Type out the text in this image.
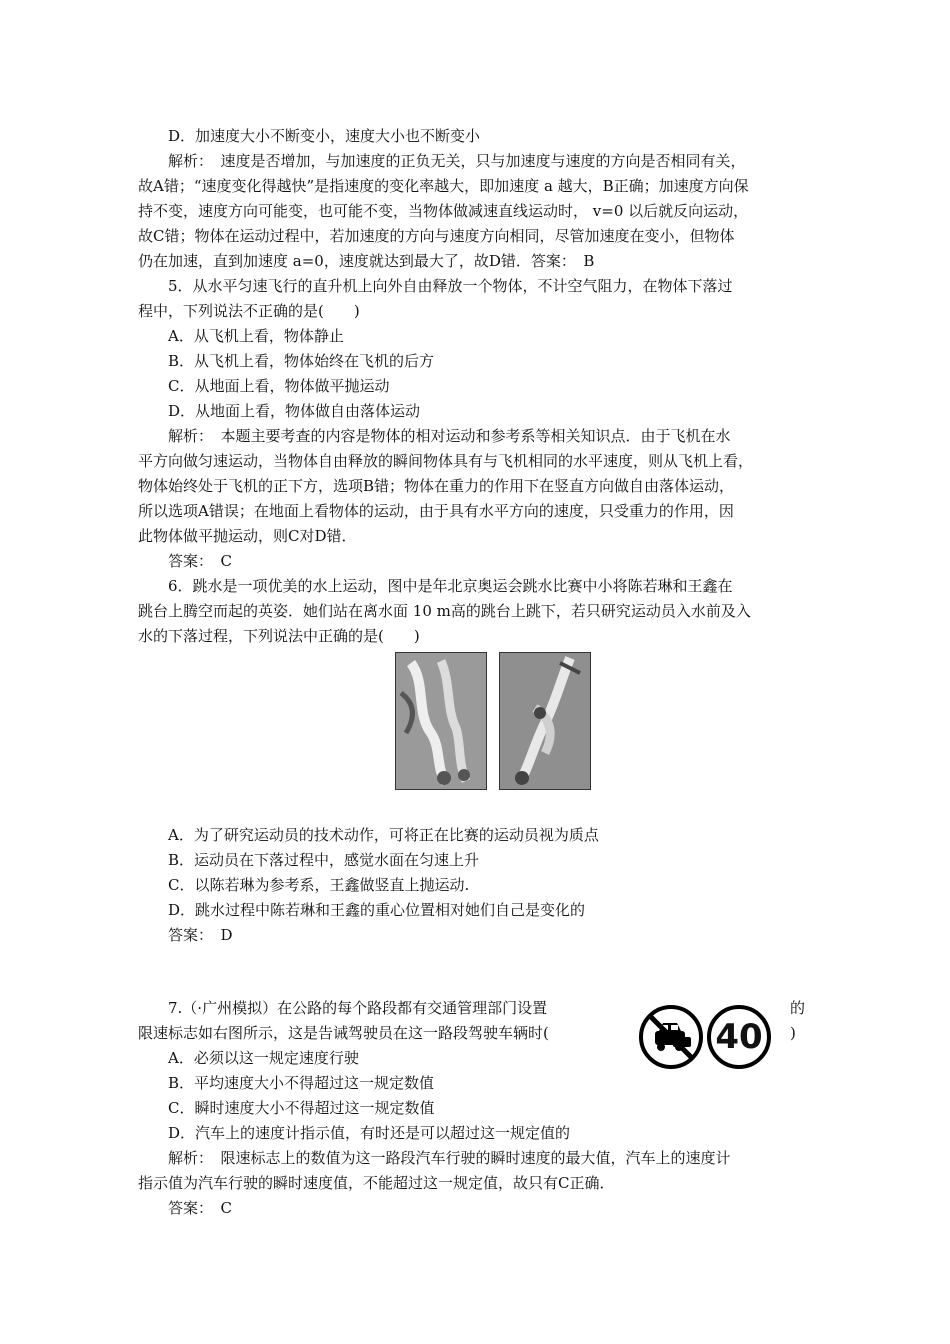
40
的
)
D．加速度大小不断变小，速度大小也不断变小
解析：　速度是否增加，与加速度的正负无关，只与加速度与速度的方向是否相同有关，
故A错；“速度变化得越快”是指速度的变化率越大，即加速度 a 越大，B正确；加速度方向保
持不变，速度方向可能变，也可能不变，当物体做减速直线运动时， v=0 以后就反向运动，
故C错；物体在运动过程中，若加速度的方向与速度方向相同，尽管加速度在变小，但物体
仍在加速，直到加速度 a=0，速度就达到最大了，故D错．答案：　B
5．从水平匀速飞行的直升机上向外自由释放一个物体，不计空气阻力，在物体下落过
程中，下列说法不正确的是(　　)
A．从飞机上看，物体静止
B．从飞机上看，物体始终在飞机的后方
C．从地面上看，物体做平抛运动
D．从地面上看，物体做自由落体运动
解析：　本题主要考查的内容是物体的相对运动和参考系等相关知识点．由于飞机在水
平方向做匀速运动，当物体自由释放的瞬间物体具有与飞机相同的水平速度，则从飞机上看，
物体始终处于飞机的正下方，选项B错；物体在重力的作用下在竖直方向做自由落体运动，
所以选项A错误；在地面上看物体的运动，由于具有水平方向的速度，只受重力的作用，因
此物体做平抛运动，则C对D错．
答案：　C
6．跳水是一项优美的水上运动，图中是年北京奥运会跳水比赛中小将陈若琳和王鑫在
跳台上腾空而起的英姿．她们站在离水面 10 m高的跳台上跳下，若只研究运动员入水前及入
水的下落过程，下列说法中正确的是(　　)
A．为了研究运动员的技术动作，可将正在比赛的运动员视为质点
B．运动员在下落过程中，感觉水面在匀速上升
C．以陈若琳为参考系，王鑫做竖直上抛运动.
D．跳水过程中陈若琳和王鑫的重心位置相对她们自己是变化的
答案：　D
7.（·广州模拟）在公路的每个路段都有交通管理部门设置
限速标志如右图所示，这是告诫驾驶员在这一路段驾驶车辆时(
A．必须以这一规定速度行驶
B．平均速度大小不得超过这一规定数值
C．瞬时速度大小不得超过这一规定数值
D．汽车上的速度计指示值，有时还是可以超过这一规定值的
解析：　限速标志上的数值为这一路段汽车行驶的瞬时速度的最大值，汽车上的速度计
指示值为汽车行驶的瞬时速度值，不能超过这一规定值，故只有C正确．
答案：　C
